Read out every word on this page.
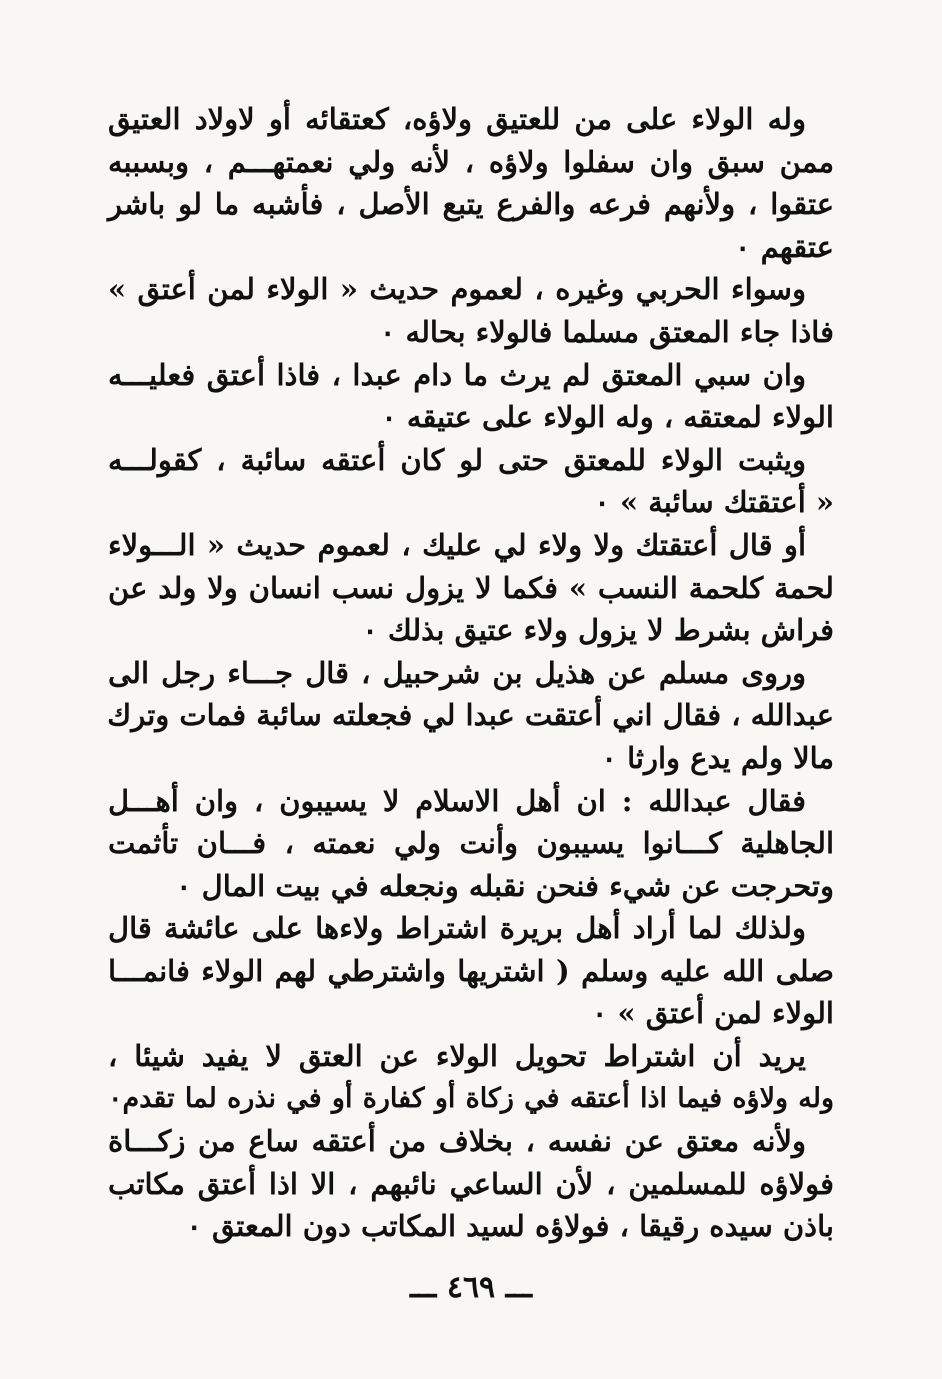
وله الولاء على من للعتيق ولاؤه، كعتقائه أو لاولاد العتيق
ممن سبق وان سفلوا ولاؤه ، لأنه ولي نعمتهـــم ، وبسببه
عتقوا ، ولأنهم فرعه والفرع يتبع الأصل ، فأشبه ما لو باشر
عتقهم ٠
وسواء الحربي وغيره ، لعموم حديث « الولاء لمن أعتق »
فاذا جاء المعتق مسلما فالولاء بحاله ٠
وان سبي المعتق لم يرث ما دام عبدا ، فاذا أعتق فعليـــه
الولاء لمعتقه ، وله الولاء على عتيقه ٠
ويثبت الولاء للمعتق حتى لو كان أعتقه سائبة ، كقولـــه
« أعتقتك سائبة » ٠
أو قال أعتقتك ولا ولاء لي عليك ، لعموم حديث « الـــولاء
لحمة كلحمة النسب » فكما لا يزول نسب انسان ولا ولد عن
فراش بشرط لا يزول ولاء عتيق بذلك ٠
وروى مسلم عن هذيل بن شرحبيل ، قال جـــاء رجل الى
عبدالله ، فقال اني أعتقت عبدا لي فجعلته سائبة فمات وترك
مالا ولم يدع وارثا ٠
فقال عبدالله : ان أهل الاسلام لا يسيبون ، وان أهـــل
الجاهلية كـــانوا يسيبون وأنت ولي نعمته ، فـــان تأثمت
وتحرجت عن شيء فنحن نقبله ونجعله في بيت المال ٠
ولذلك لما أراد أهل بريرة اشتراط ولاءها على عائشة قال
صلى الله عليه وسلم ( اشتريها واشترطي لهم الولاء فانمـــا
الولاء لمن أعتق » ٠
يريد أن اشتراط تحويل الولاء عن العتق لا يفيد شيئا ،
وله ولاؤه فيما اذا أعتقه في زكاة أو كفارة أو في نذره لما تقدم٠
ولأنه معتق عن نفسه ، بخلاف من أعتقه ساع من زكـــاة
فولاؤه للمسلمين ، لأن الساعي نائبهم ، الا اذا أعتق مكاتب
باذن سيده رقيقا ، فولاؤه لسيد المكاتب دون المعتق ٠
ـــ ٤٦٩ ـــ
